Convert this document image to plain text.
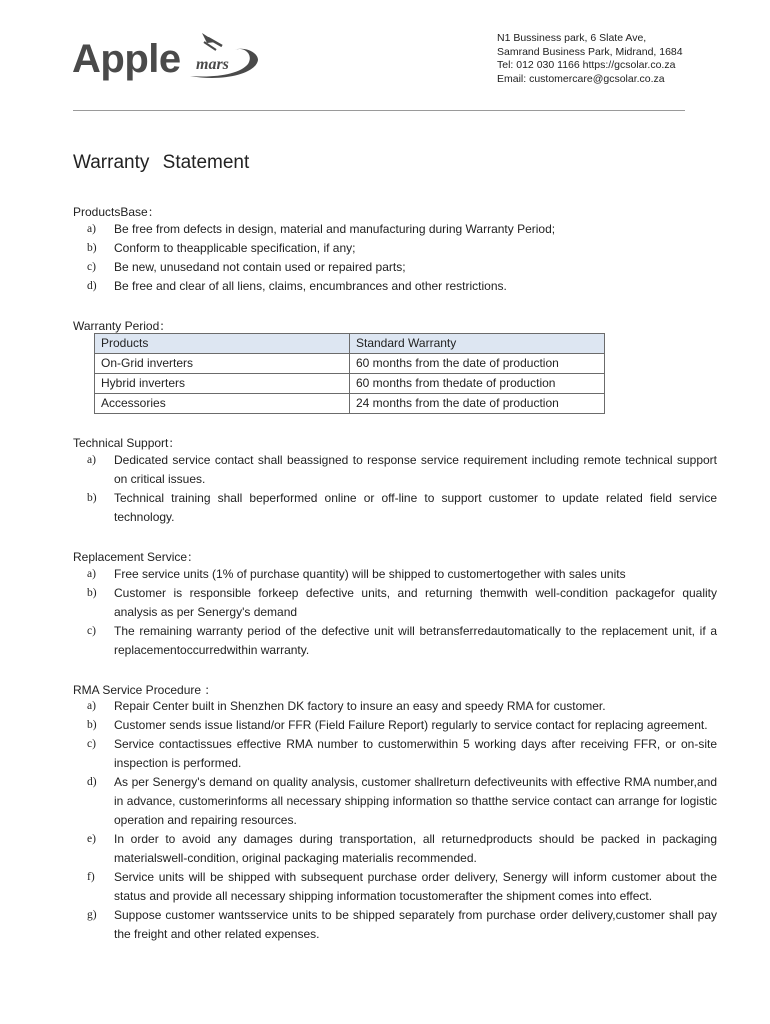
Apple mars
N1 Bussiness park, 6 Slate Ave,
Samrand Business Park, Midrand, 1684
Tel: 012 030 1166 https://gcsolar.co.za
Email: customercare@gcsolar.co.za
Warranty Statement
ProductsBase：
a) Be free from defects in design, material and manufacturing during Warranty Period;
b) Conform to theapplicable specification, if any;
c) Be new, unusedand not contain used or repaired parts;
d) Be free and clear of all liens, claims, encumbrances and other restrictions.
Warranty Period：
Products	Standard Warranty
On-Grid inverters	60 months from the date of production
Hybrid inverters	60 months from thedate of production
Accessories	24 months from the date of production
Technical Support：
a) Dedicated service contact shall beassigned to response service requirement including remote technical support on critical issues.
b) Technical training shall beperformed online or off-line to support customer to update related field service technology.
Replacement Service：
a) Free service units (1% of purchase quantity) will be shipped to customertogether with sales units
b) Customer is responsible forkeep defective units, and returning themwith well-condition packagefor quality analysis as per Senergy's demand
c) The remaining warranty period of the defective unit will betransferredautomatically to the replacement unit, if a replacementoccurredwithin warranty.
RMA Service Procedure ：
a) Repair Center built in Shenzhen DK factory to insure an easy and speedy RMA for customer.
b) Customer sends issue listand/or FFR (Field Failure Report) regularly to service contact for replacing agreement.
c) Service contactissues effective RMA number to customerwithin 5 working days after receiving FFR, or on-site inspection is performed.
d) As per Senergy's demand on quality analysis, customer shallreturn defectiveunits with effective RMA number,and in advance, customerinforms all necessary shipping information so thatthe service contact can arrange for logistic operation and repairing resources.
e) In order to avoid any damages during transportation, all returnedproducts should be packed in packaging materialswell-condition, original packaging materialis recommended.
f) Service units will be shipped with subsequent purchase order delivery, Senergy will inform customer about the status and provide all necessary shipping information tocustomerafter the shipment comes into effect.
g) Suppose customer wantsservice units to be shipped separately from purchase order delivery,customer shall pay the freight and other related expenses.
